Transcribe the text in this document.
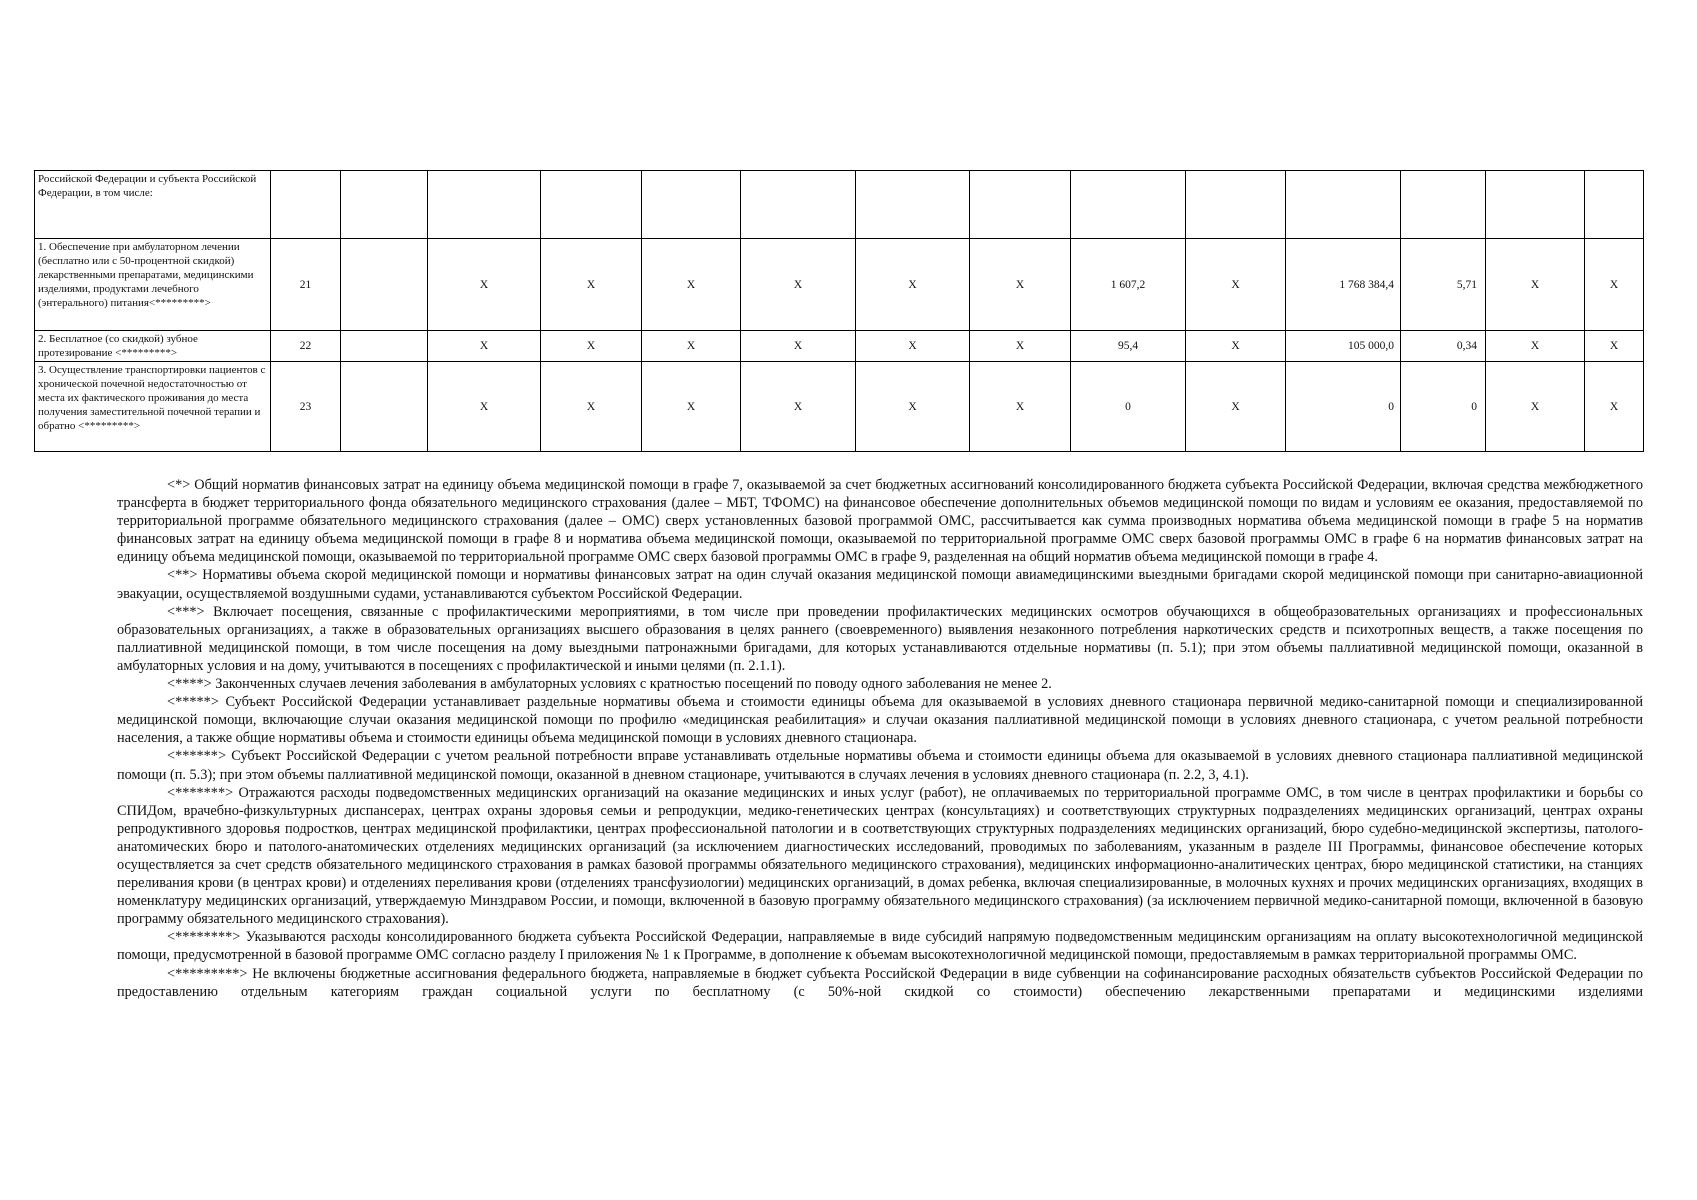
Российской Федерации и субъекта Российской Федерации, в том числе:														
1. Обеспечение при амбулаторном лечении (бесплатно или с 50-процентной скидкой) лекарственными препаратами, медицинскими изделиями, продуктами лечебного (энтерального) питания<*********>	21		X	X	X	X	X	X	1 607,2	X	1 768 384,4	5,71	X	X
2. Бесплатное (со скидкой) зубное протезирование <*********>	22		X	X	X	X	X	X	95,4	X	105 000,0	0,34	X	X
3. Осуществление транспортировки пациентов с хронической почечной недостаточностью от места их фактического проживания до места получения заместительной почечной терапии и обратно <*********>	23		X	X	X	X	X	X	0	X	0	0	X	X

<*> Общий норматив финансовых затрат на единицу объема медицинской помощи в графе 7, оказываемой за счет бюджетных ассигнований консолидированного бюджета субъекта Российской Федерации, включая средства межбюджетного трансферта в бюджет территориального фонда обязательного медицинского страхования (далее – МБТ, ТФОМС) на финансовое обеспечение дополнительных объемов медицинской помощи по видам и условиям ее оказания, предоставляемой по территориальной программе обязательного медицинского страхования (далее – ОМС) сверх установленных базовой программой ОМС, рассчитывается как сумма производных норматива объема медицинской помощи в графе 5 на норматив финансовых затрат на единицу объема медицинской помощи в графе 8 и норматива объема медицинской помощи, оказываемой по территориальной программе ОМС сверх базовой программы ОМС в графе 6 на норматив финансовых затрат на единицу объема медицинской помощи, оказываемой по территориальной программе ОМС сверх базовой программы ОМС в графе 9, разделенная на общий норматив объема медицинской помощи в графе 4.

<**> Нормативы объема скорой медицинской помощи и нормативы финансовых затрат на один случай оказания медицинской помощи авиамедицинскими выездными бригадами скорой медицинской помощи при санитарно-авиационной эвакуации, осуществляемой воздушными судами, устанавливаются субъектом Российской Федерации.

<***> Включает посещения, связанные с профилактическими мероприятиями, в том числе при проведении профилактических медицинских осмотров обучающихся в общеобразовательных организациях и профессиональных образовательных организациях, а также в образовательных организациях высшего образования в целях раннего (своевременного) выявления незаконного потребления наркотических средств и психотропных веществ, а также посещения по паллиативной медицинской помощи, в том числе посещения на дому выездными патронажными бригадами, для которых устанавливаются отдельные нормативы (п. 5.1); при этом объемы паллиативной медицинской помощи, оказанной в амбулаторных условия и на дому, учитываются в посещениях с профилактической и иными целями (п. 2.1.1).

<****> Законченных случаев лечения заболевания в амбулаторных условиях с кратностью посещений по поводу одного заболевания не менее 2.

<*****> Субъект Российской Федерации устанавливает раздельные нормативы объема и стоимости единицы объема для оказываемой в условиях дневного стационара первичной медико-санитарной помощи и специализированной медицинской помощи, включающие случаи оказания медицинской помощи по профилю «медицинская реабилитация» и случаи оказания паллиативной медицинской помощи в условиях дневного стационара, с учетом реальной потребности населения, а также общие нормативы объема и стоимости единицы объема медицинской помощи в условиях дневного стационара.

<******> Субъект Российской Федерации с учетом реальной потребности вправе устанавливать отдельные нормативы объема и стоимости единицы объема для оказываемой в условиях дневного стационара паллиативной медицинской помощи (п. 5.3); при этом объемы паллиативной медицинской помощи, оказанной в дневном стационаре, учитываются в случаях лечения в условиях дневного стационара (п. 2.2, 3, 4.1).

<*******> Отражаются расходы подведомственных медицинских организаций на оказание медицинских и иных услуг (работ), не оплачиваемых по территориальной программе ОМС, в том числе в центрах профилактики и борьбы со СПИДом, врачебно-физкультурных диспансерах, центрах охраны здоровья семьи и репродукции, медико-генетических центрах (консультациях) и соответствующих структурных подразделениях медицинских организаций, центрах охраны репродуктивного здоровья подростков, центрах медицинской профилактики, центрах профессиональной патологии и в соответствующих структурных подразделениях медицинских организаций, бюро судебно-медицинской экспертизы, патолого-анатомических бюро и патолого-анатомических отделениях медицинских организаций (за исключением диагностических исследований, проводимых по заболеваниям, указанным в разделе III Программы, финансовое обеспечение которых осуществляется за счет средств обязательного медицинского страхования в рамках базовой программы обязательного медицинского страхования), медицинских информационно-аналитических центрах, бюро медицинской статистики, на станциях переливания крови (в центрах крови) и отделениях переливания крови (отделениях трансфузиологии) медицинских организаций, в домах ребенка, включая специализированные, в молочных кухнях и прочих медицинских организациях, входящих в номенклатуру медицинских организаций, утверждаемую Минздравом России, и помощи, включенной в базовую программу обязательного медицинского страхования) (за исключением первичной медико-санитарной помощи, включенной в базовую программу обязательного медицинского страхования).

<********> Указываются расходы консолидированного бюджета субъекта Российской Федерации, направляемые в виде субсидий напрямую подведомственным медицинским организациям на оплату высокотехнологичной медицинской помощи, предусмотренной в базовой программе ОМС согласно разделу I приложения № 1 к Программе, в дополнение к объемам высокотехнологичной медицинской помощи, предоставляемым в рамках территориальной программы ОМС.

<*********> Не включены бюджетные ассигнования федерального бюджета, направляемые в бюджет субъекта Российской Федерации в виде субвенции на софинансирование расходных обязательств субъектов Российской Федерации по предоставлению отдельным категориям граждан социальной услуги по бесплатному (с 50%-ной скидкой со стоимости) обеспечению лекарственными препаратами и медицинскими изделиями
